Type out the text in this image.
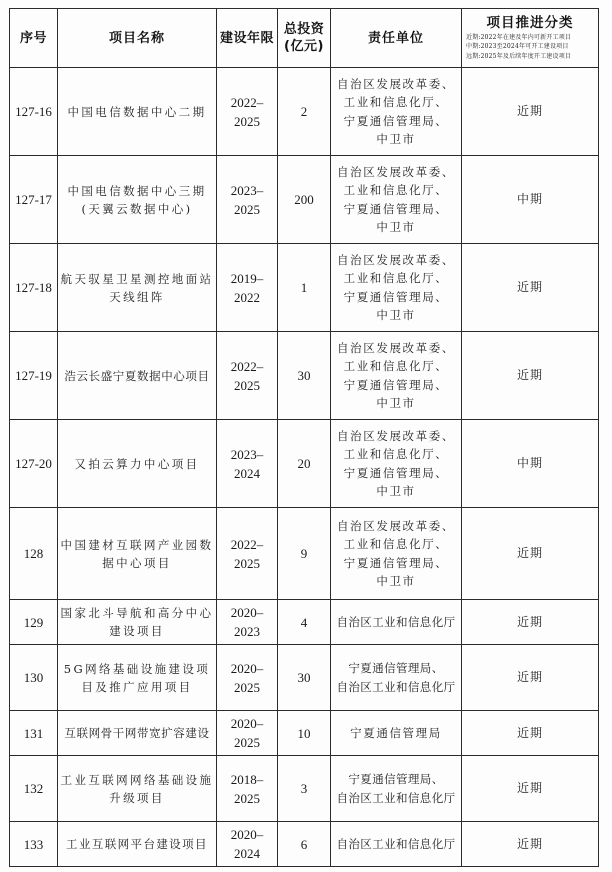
序号	项目名称	建设年限	总投资
(亿元)	责任单位	项目推进分类
近期:2022年在建及年内可新开工项目
中期:2023至2024年可开工建设项目
远期:2025年及后续年度开工建设项目

127-16	中国电信数据中心二期	2022–
2025	2	自治区发展改革委、
工业和信息化厅、
宁夏通信管理局、
中卫市	近期
127-17	中国电信数据中心三期
(天翼云数据中心)	2023–
2025	200	自治区发展改革委、
工业和信息化厅、
宁夏通信管理局、
中卫市	中期
127-18	航天驭星卫星测控地面站
天线组阵	2019–
2022	1	自治区发展改革委、
工业和信息化厅、
宁夏通信管理局、
中卫市	近期
127-19	浩云长盛宁夏数据中心项目	2022–
2025	30	自治区发展改革委、
工业和信息化厅、
宁夏通信管理局、
中卫市	近期
127-20	又拍云算力中心项目	2023–
2024	20	自治区发展改革委、
工业和信息化厅、
宁夏通信管理局、
中卫市	中期
128	中国建材互联网产业园数
据中心项目	2022–
2025	9	自治区发展改革委、
工业和信息化厅、
宁夏通信管理局、
中卫市	近期
129	国家北斗导航和高分中心
建设项目	2020–
2023	4	自治区工业和信息化厅	近期
130	5G网络基础设施建设项
目及推广应用项目	2020–
2025	30	宁夏通信管理局、
自治区工业和信息化厅	近期
131	互联网骨干网带宽扩容建设	2020–
2025	10	宁夏通信管理局	近期
132	工业互联网网络基础设施
升级项目	2018–
2025	3	宁夏通信管理局、
自治区工业和信息化厅	近期
133	工业互联网平台建设项目	2020–
2024	6	自治区工业和信息化厅	近期
